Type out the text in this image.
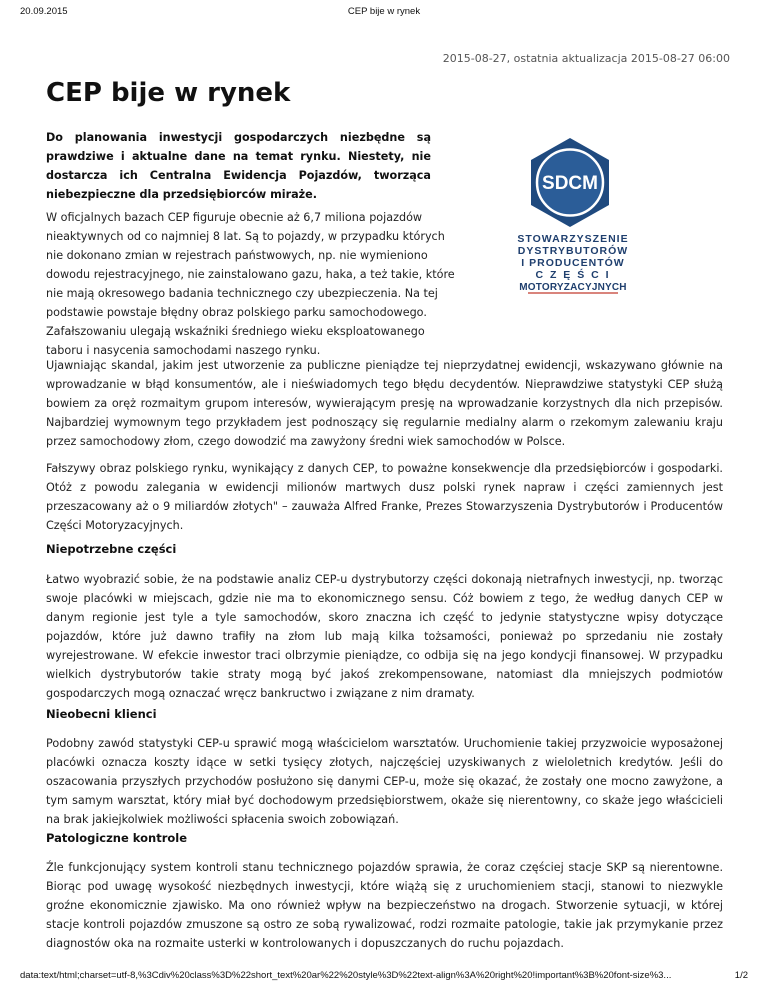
20.09.2015	CEP bije w rynek
2015-08-27, ostatnia aktualizacja 2015-08-27 06:00
CEP bije w rynek

Do planowania inwestycji gospodarczych niezbędne są prawdziwe i aktualne dane na temat rynku. Niestety, nie dostarcza ich Centralna Ewidencja Pojazdów, tworząca niebezpieczne dla przedsiębiorców miraże.

W oficjalnych bazach CEP figuruje obecnie aż 6,7 miliona pojazdów nieaktywnych od co najmniej 8 lat. Są to pojazdy, w przypadku których nie dokonano zmian w rejestrach państwowych, np. nie wymieniono dowodu rejestracyjnego, nie zainstalowano gazu, haka, a też takie, które nie mają okresowego badania technicznego czy ubezpieczenia. Na tej podstawie powstaje błędny obraz polskiego parku samochodowego. Zafałszowaniu ulegają wskaźniki średniego wieku eksploatowanego taboru i nasycenia samochodami naszego rynku.

SDCM
STOWARZYSZENIE
DYSTRYBUTORÓW
I PRODUCENTÓW
C Z Ę Ś C I
MOTORYZACYJNYCH

Ujawniając skandal, jakim jest utworzenie za publiczne pieniądze tej nieprzydatnej ewidencji, wskazywano głównie na wprowadzanie w błąd konsumentów, ale i nieświadomych tego błędu decydentów. Nieprawdziwe statystyki CEP służą bowiem za oręż rozmaitym grupom interesów, wywierającym presję na wprowadzanie korzystnych dla nich przepisów. Najbardziej wymownym tego przykładem jest podnoszący się regularnie medialny alarm o rzekomym zalewaniu kraju przez samochodowy złom, czego dowodzić ma zawyżony średni wiek samochodów w Polsce.

Fałszywy obraz polskiego rynku, wynikający z danych CEP, to poważne konsekwencje dla przedsiębiorców i gospodarki. Otóż z powodu zalegania w ewidencji milionów martwych dusz polski rynek napraw i części zamiennych jest przeszacowany aż o 9 miliardów złotych" – zauważa Alfred Franke, Prezes Stowarzyszenia Dystrybutorów i Producentów Części Motoryzacyjnych.

Niepotrzebne części

Łatwo wyobrazić sobie, że na podstawie analiz CEP-u dystrybutorzy części dokonają nietrafnych inwestycji, np. tworząc swoje placówki w miejscach, gdzie nie ma to ekonomicznego sensu. Cóż bowiem z tego, że według danych CEP w danym regionie jest tyle a tyle samochodów, skoro znaczna ich część to jedynie statystyczne wpisy dotyczące pojazdów, które już dawno trafiły na złom lub mają kilka tożsamości, ponieważ po sprzedaniu nie zostały wyrejestrowane. W efekcie inwestor traci olbrzymie pieniądze, co odbija się na jego kondycji finansowej. W przypadku wielkich dystrybutorów takie straty mogą być jakoś zrekompensowane, natomiast dla mniejszych podmiotów gospodarczych mogą oznaczać wręcz bankructwo i związane z nim dramaty.

Nieobecni klienci

Podobny zawód statystyki CEP-u sprawić mogą właścicielom warsztatów. Uruchomienie takiej przyzwoicie wyposażonej placówki oznacza koszty idące w setki tysięcy złotych, najczęściej uzyskiwanych z wieloletnich kredytów. Jeśli do oszacowania przyszłych przychodów posłużono się danymi CEP-u, może się okazać, że zostały one mocno zawyżone, a tym samym warsztat, który miał być dochodowym przedsiębiorstwem, okaże się nierentowny, co skaże jego właścicieli na brak jakiejkolwiek możliwości spłacenia swoich zobowiązań.

Patologiczne kontrole

Źle funkcjonujący system kontroli stanu technicznego pojazdów sprawia, że coraz częściej stacje SKP są nierentowne. Biorąc pod uwagę wysokość niezbędnych inwestycji, które wiążą się z uruchomieniem stacji, stanowi to niezwykle groźne ekonomicznie zjawisko. Ma ono również wpływ na bezpieczeństwo na drogach. Stworzenie sytuacji, w której stacje kontroli pojazdów zmuszone są ostro ze sobą rywalizować, rodzi rozmaite patologie, takie jak przymykanie przez diagnostów oka na rozmaite usterki w kontrolowanych i dopuszczanych do ruchu pojazdach.

data:text/html;charset=utf-8,%3Cdiv%20class%3D%22short_text%20ar%22%20style%3D%22text-align%3A%20right%20!important%3B%20font-size%3...	1/2
